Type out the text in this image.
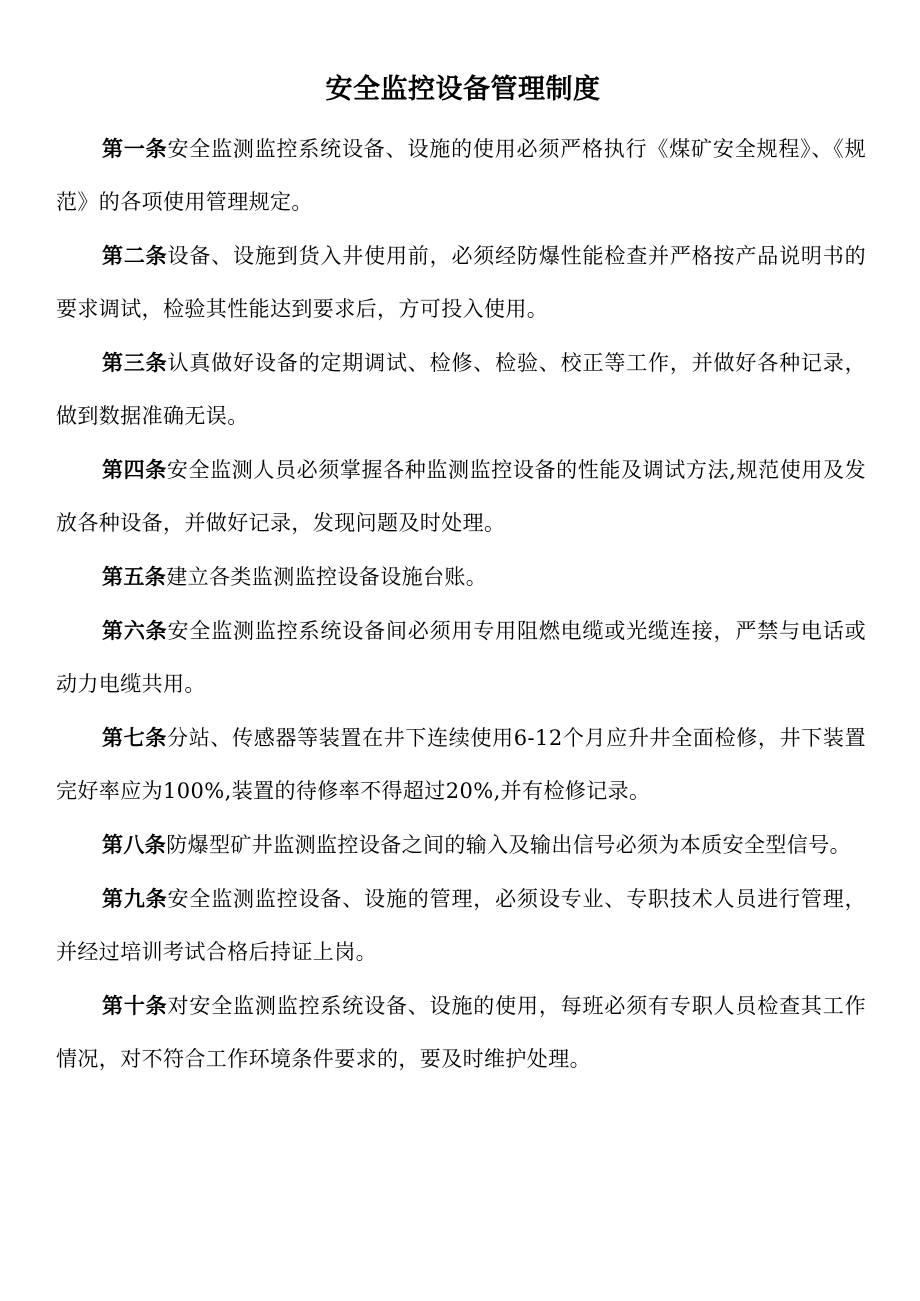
安全监控设备管理制度

第一条安全监测监控系统设备、设施的使用必须严格执行《煤矿安全规程》、《规范》的各项使用管理规定。

第二条设备、设施到货入井使用前，必须经防爆性能检查并严格按产品说明书的要求调试，检验其性能达到要求后，方可投入使用。

第三条认真做好设备的定期调试、检修、检验、校正等工作，并做好各种记录，做到数据准确无误。

第四条安全监测人员必须掌握各种监测监控设备的性能及调试方法,规范使用及发放各种设备，并做好记录，发现问题及时处理。

第五条建立各类监测监控设备设施台账。

第六条安全监测监控系统设备间必须用专用阻燃电缆或光缆连接，严禁与电话或动力电缆共用。

第七条分站、传感器等装置在井下连续使用6-12个月应升井全面检修，井下装置完好率应为100%,装置的待修率不得超过20%,并有检修记录。

第八条防爆型矿井监测监控设备之间的输入及输出信号必须为本质安全型信号。

第九条安全监测监控设备、设施的管理，必须设专业、专职技术人员进行管理，并经过培训考试合格后持证上岗。

第十条对安全监测监控系统设备、设施的使用，每班必须有专职人员检查其工作情况，对不符合工作环境条件要求的，要及时维护处理。
